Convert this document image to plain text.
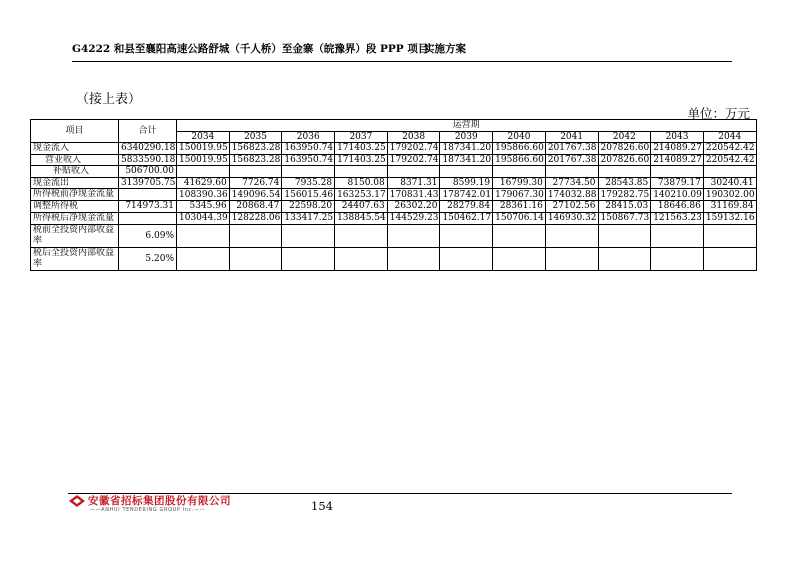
G4222 和县至襄阳高速公路舒城（千人桥）至金寨（皖豫界）段 PPP 项目
实施方案
（接上表）
单位：万元
项目	合计	运营期										
		2034	2035	2036	2037	2038	2039	2040	2041	2042	2043	2044
现金流入	6340290.18	150019.95	156823.28	163950.74	171403.25	179202.74	187341.20	195866.60	201767.38	207826.60	214089.27	220542.42
营业收入	5833590.18	150019.95	156823.28	163950.74	171403.25	179202.74	187341.20	195866.60	201767.38	207826.60	214089.27	220542.42
补贴收入	506700.00											
现金流出	3139705.75	41629.60	7726.74	7935.28	8150.08	8371.31	8599.19	16799.30	27734.50	28543.85	73879.17	30240.41
所得税前净现金流量		108390.36	149096.54	156015.46	163253.17	170831.43	178742.01	179067.30	174032.88	179282.75	140210.09	190302.00
调整所得税	714973.31	5345.96	20868.47	22598.20	24407.63	26302.20	28279.84	28361.16	27102.56	28415.03	18646.86	31169.84
所得税后净现金流量		103044.39	128228.06	133417.25	138845.54	144529.23	150462.17	150706.14	146930.32	150867.73	121563.23	159132.16
税前全投资内部收益率	6.09%											
税后全投资内部收益率	5.20%											
安徽省招标集团股份有限公司
——ANHUI TENDERING GROUP Inc.——	154
